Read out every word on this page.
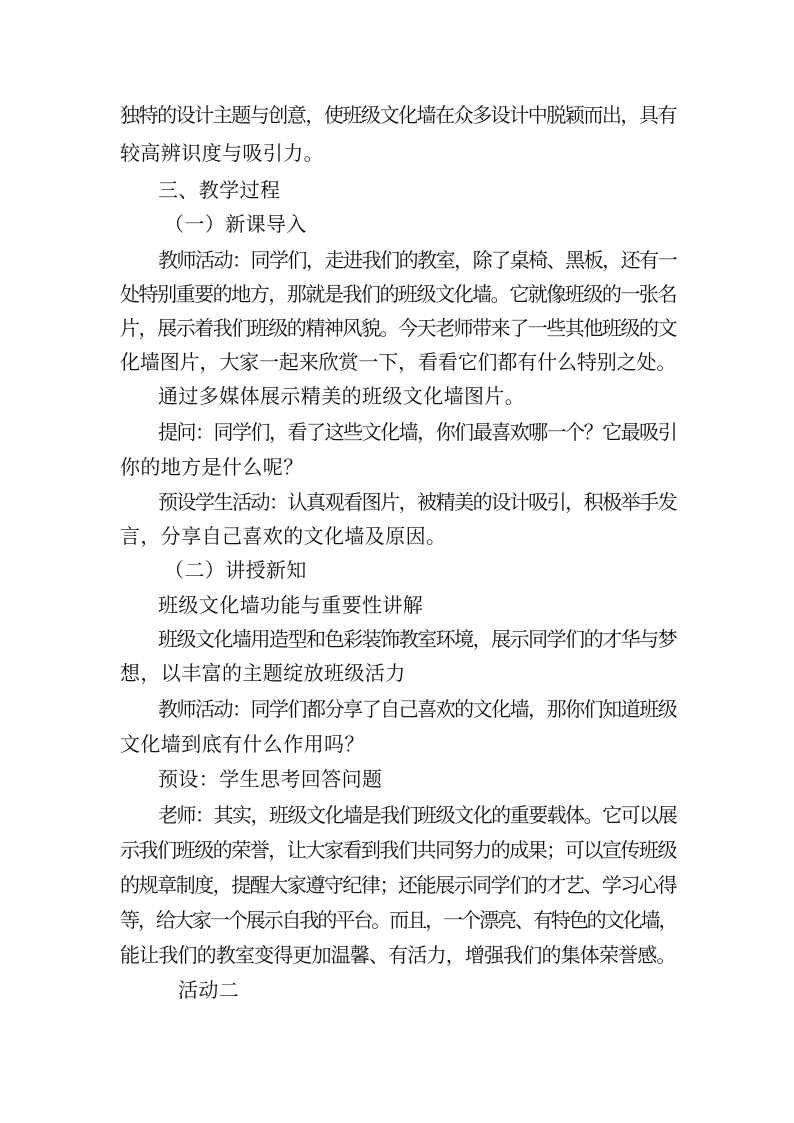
独特的设计主题与创意，使班级文化墙在众多设计中脱颖而出，具有
较高辨识度与吸引力。
三、教学过程
（一）新课导入
教师活动：同学们，走进我们的教室，除了桌椅、黑板，还有一
处特别重要的地方，那就是我们的班级文化墙。它就像班级的一张名
片，展示着我们班级的精神风貌。今天老师带来了一些其他班级的文
化墙图片，大家一起来欣赏一下，看看它们都有什么特别之处。
通过多媒体展示精美的班级文化墙图片。
提问：同学们，看了这些文化墙，你们最喜欢哪一个？它最吸引
你的地方是什么呢？
预设学生活动：认真观看图片，被精美的设计吸引，积极举手发
言，分享自己喜欢的文化墙及原因。
（二）讲授新知
班级文化墙功能与重要性讲解
班级文化墙用造型和色彩装饰教室环境，展示同学们的才华与梦
想，以丰富的主题绽放班级活力
教师活动：同学们都分享了自己喜欢的文化墙，那你们知道班级
文化墙到底有什么作用吗？
预设：学生思考回答问题
老师：其实，班级文化墙是我们班级文化的重要载体。它可以展
示我们班级的荣誉，让大家看到我们共同努力的成果；可以宣传班级
的规章制度，提醒大家遵守纪律；还能展示同学们的才艺、学习心得
等，给大家一个展示自我的平台。而且，一个漂亮、有特色的文化墙，
能让我们的教室变得更加温馨、有活力，增强我们的集体荣誉感。
活动二
